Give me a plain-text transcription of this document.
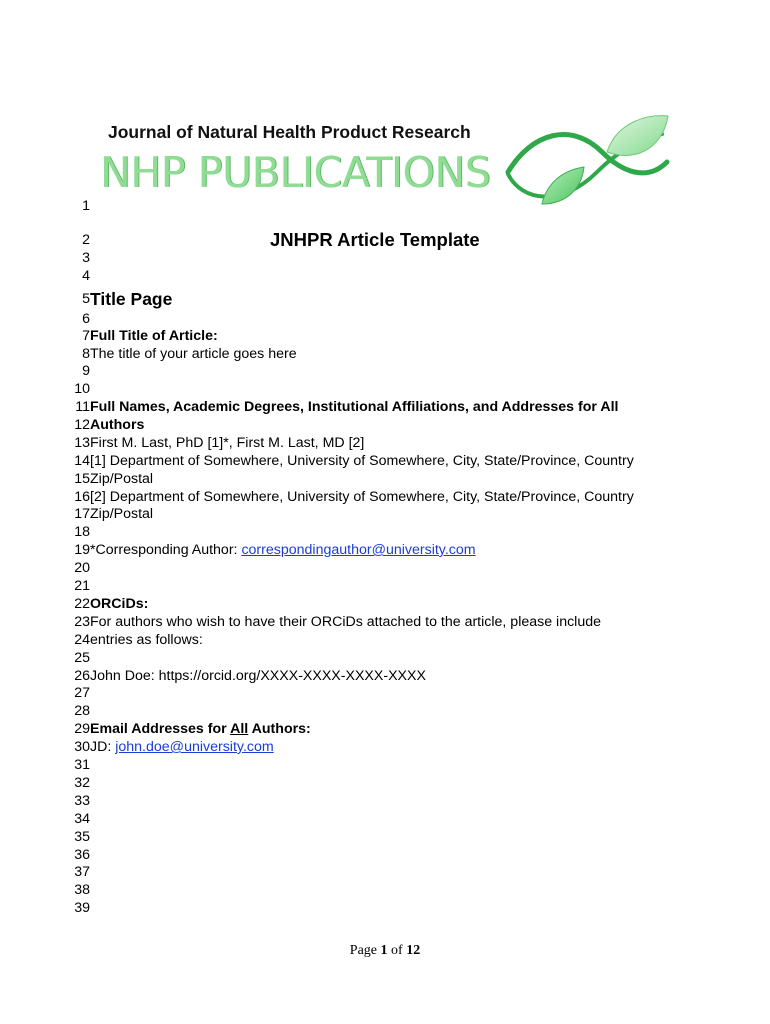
Journal of Natural Health Product Research
NHP PUBLICATIONS
1
2	JNHPR Article Template
3
4
5 Title Page
6
7 Full Title of Article:
8 The title of your article goes here
9
10
11 Full Names, Academic Degrees, Institutional Affiliations, and Addresses for All
12 Authors
13 First M. Last, PhD [1]*, First M. Last, MD [2]
14 [1] Department of Somewhere, University of Somewhere, City, State/Province, Country
15 Zip/Postal
16 [2] Department of Somewhere, University of Somewhere, City, State/Province, Country
17 Zip/Postal
18
19 *Corresponding Author: correspondingauthor@university.com
20
21
22 ORCiDs:
23 For authors who wish to have their ORCiDs attached to the article, please include
24 entries as follows:
25
26 John Doe: https://orcid.org/XXXX-XXXX-XXXX-XXXX
27
28
29 Email Addresses for All Authors:
30 JD: john.doe@university.com
31
32
33
34
35
36
37
38
39
Page 1 of 12
